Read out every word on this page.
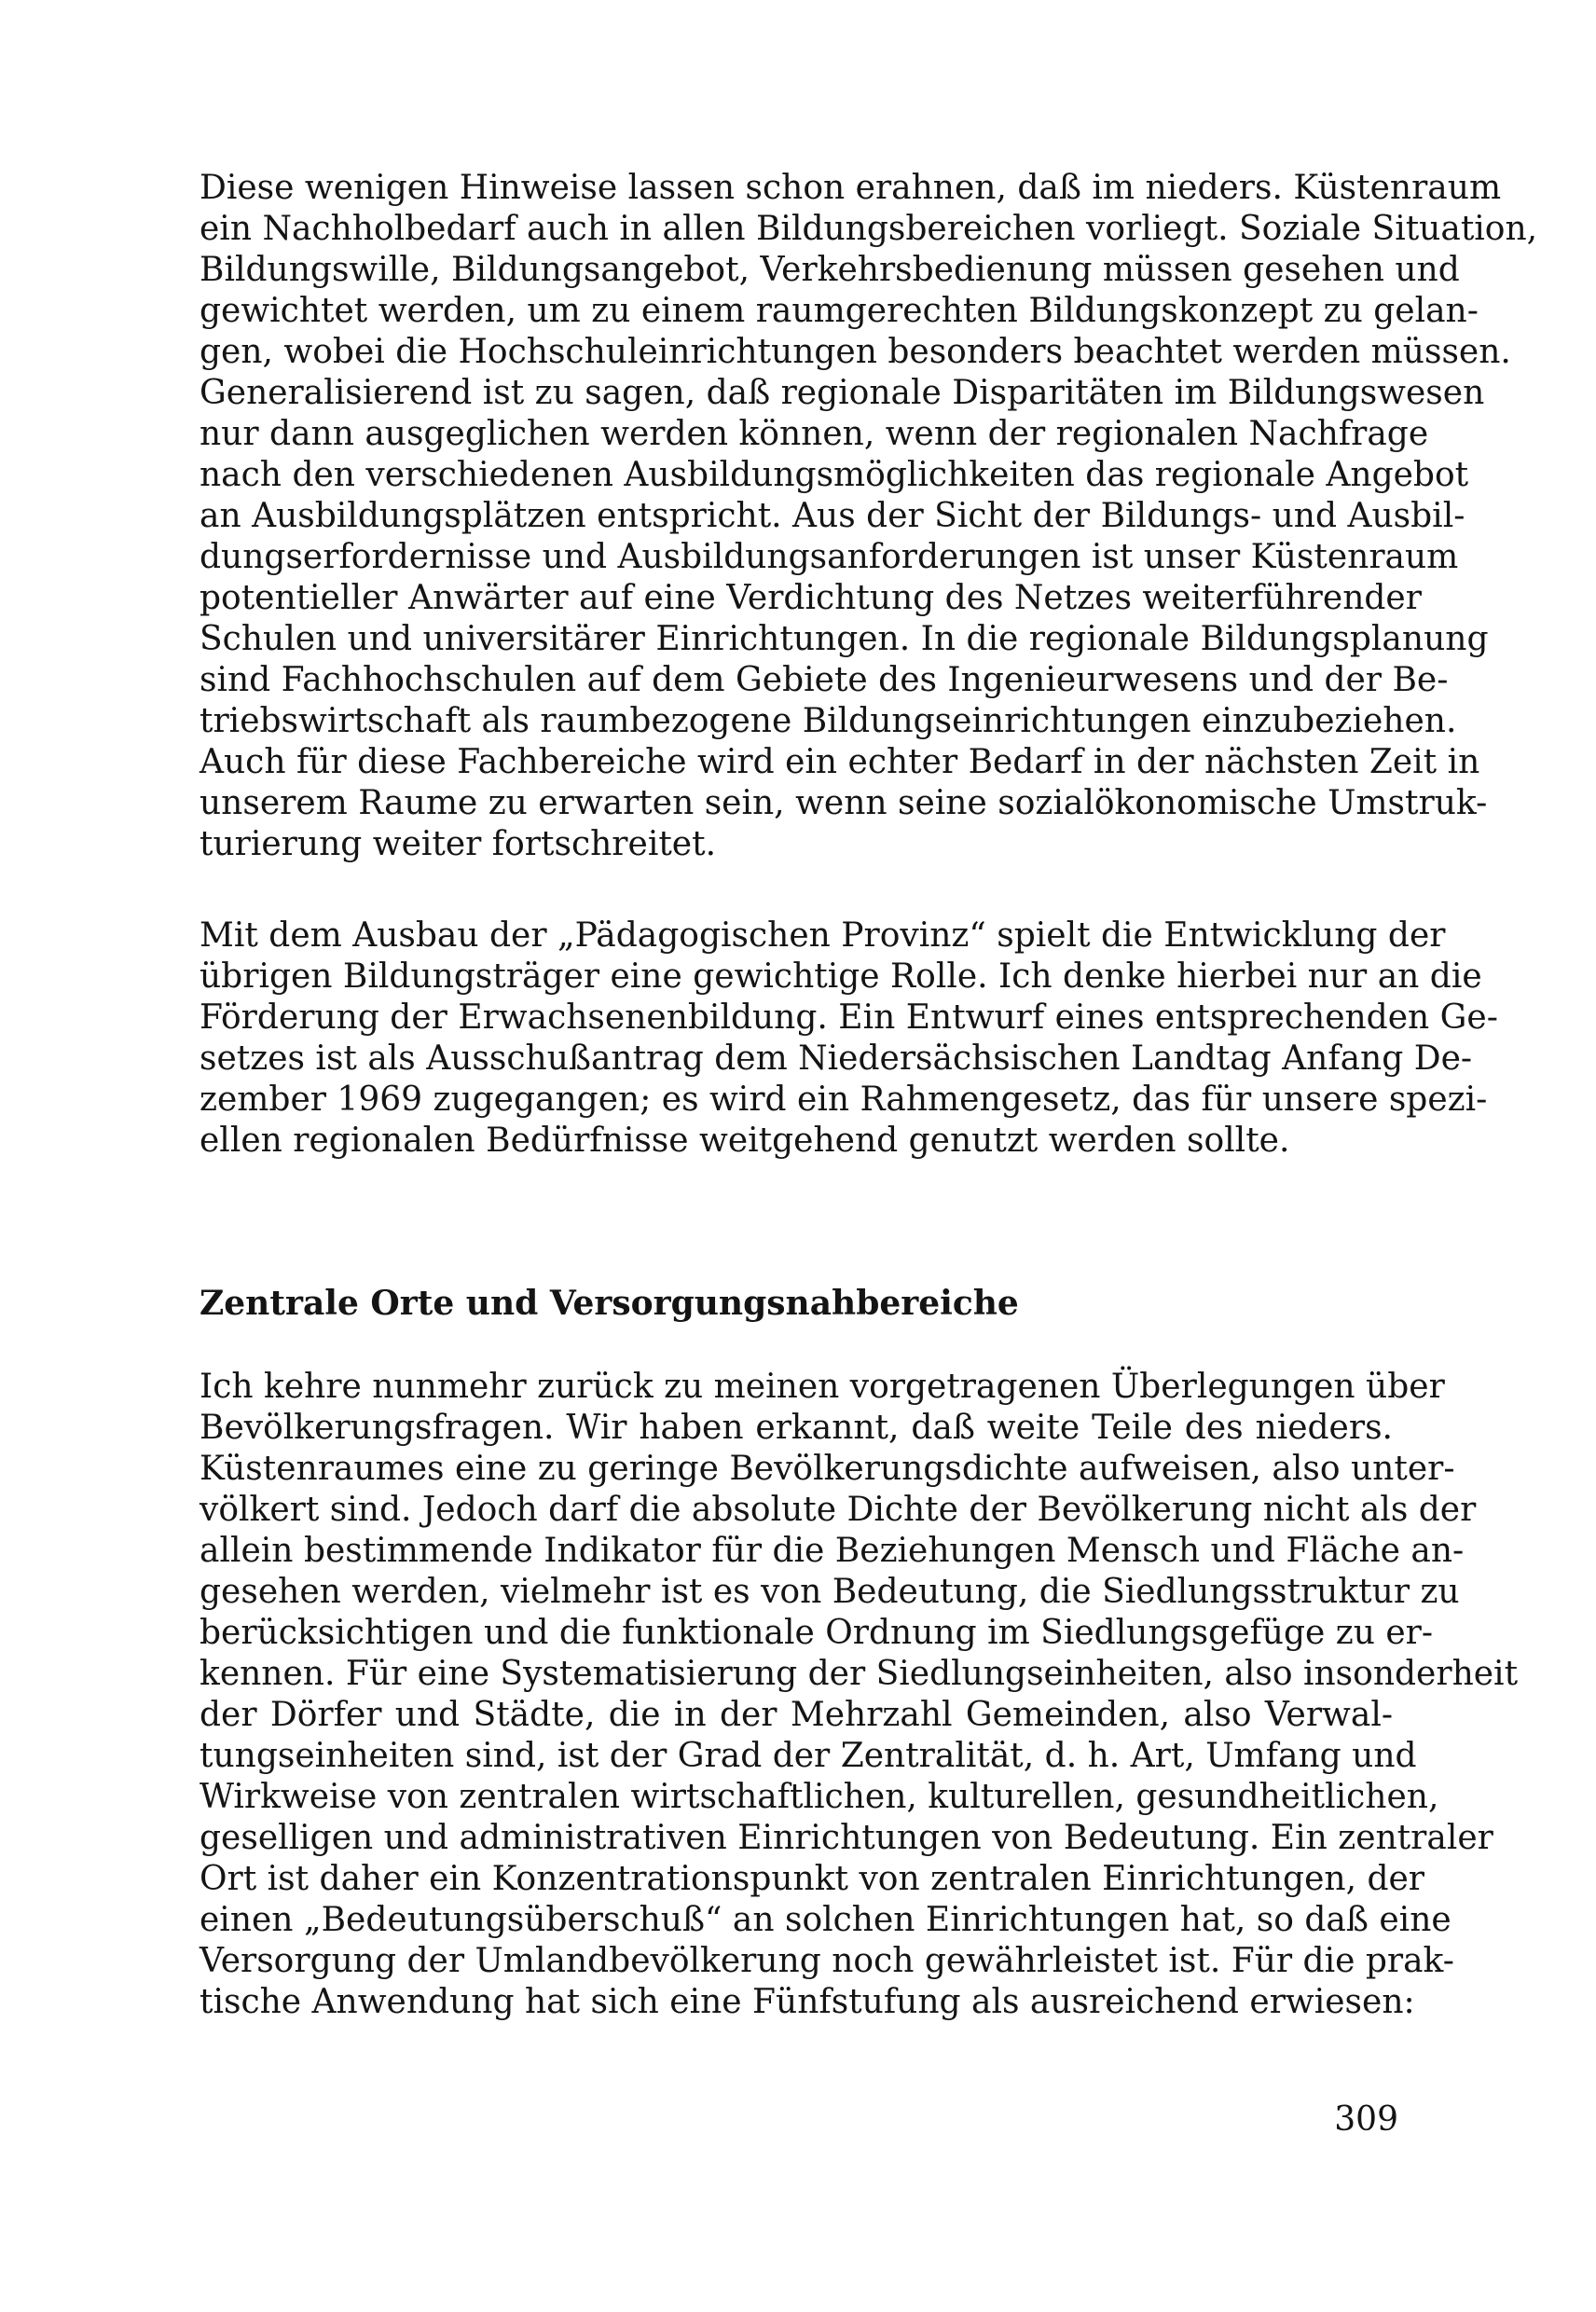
Diese wenigen Hinweise lassen schon erahnen, daß im nieders. Küstenraum
ein Nachholbedarf auch in allen Bildungsbereichen vorliegt. Soziale Situation,
Bildungswille, Bildungsangebot, Verkehrsbedienung müssen gesehen und
gewichtet werden, um zu einem raumgerechten Bildungskonzept zu gelan-
gen, wobei die Hochschuleinrichtungen besonders beachtet werden müssen.
Generalisierend ist zu sagen, daß regionale Disparitäten im Bildungswesen
nur dann ausgeglichen werden können, wenn der regionalen Nachfrage
nach den verschiedenen Ausbildungsmöglichkeiten das regionale Angebot
an Ausbildungsplätzen entspricht. Aus der Sicht der Bildungs- und Ausbil-
dungserfordernisse und Ausbildungsanforderungen ist unser Küstenraum
potentieller Anwärter auf eine Verdichtung des Netzes weiterführender
Schulen und universitärer Einrichtungen. In die regionale Bildungsplanung
sind Fachhochschulen auf dem Gebiete des Ingenieurwesens und der Be-
triebswirtschaft als raumbezogene Bildungseinrichtungen einzubeziehen.
Auch für diese Fachbereiche wird ein echter Bedarf in der nächsten Zeit in
unserem Raume zu erwarten sein, wenn seine sozialökonomische Umstruk-
turierung weiter fortschreitet.
Mit dem Ausbau der „Pädagogischen Provinz“ spielt die Entwicklung der
übrigen Bildungsträger eine gewichtige Rolle. Ich denke hierbei nur an die
Förderung der Erwachsenenbildung. Ein Entwurf eines entsprechenden Ge-
setzes ist als Ausschußantrag dem Niedersächsischen Landtag Anfang De-
zember 1969 zugegangen; es wird ein Rahmengesetz, das für unsere spezi-
ellen regionalen Bedürfnisse weitgehend genutzt werden sollte.
Zentrale Orte und Versorgungsnahbereiche
Ich kehre nunmehr zurück zu meinen vorgetragenen Überlegungen über
Bevölkerungsfragen. Wir haben erkannt, daß weite Teile des nieders.
Küstenraumes eine zu geringe Bevölkerungsdichte aufweisen, also unter-
völkert sind. Jedoch darf die absolute Dichte der Bevölkerung nicht als der
allein bestimmende Indikator für die Beziehungen Mensch und Fläche an-
gesehen werden, vielmehr ist es von Bedeutung, die Siedlungsstruktur zu
berücksichtigen und die funktionale Ordnung im Siedlungsgefüge zu er-
kennen. Für eine Systematisierung der Siedlungseinheiten, also insonderheit
der Dörfer und Städte, die in der Mehrzahl Gemeinden, also Verwal-
tungseinheiten sind, ist der Grad der Zentralität, d. h. Art, Umfang und
Wirkweise von zentralen wirtschaftlichen, kulturellen, gesundheitlichen,
geselligen und administrativen Einrichtungen von Bedeutung. Ein zentraler
Ort ist daher ein Konzentrationspunkt von zentralen Einrichtungen, der
einen „Bedeutungsüberschuß“ an solchen Einrichtungen hat, so daß eine
Versorgung der Umlandbevölkerung noch gewährleistet ist. Für die prak-
tische Anwendung hat sich eine Fünfstufung als ausreichend erwiesen:
309
